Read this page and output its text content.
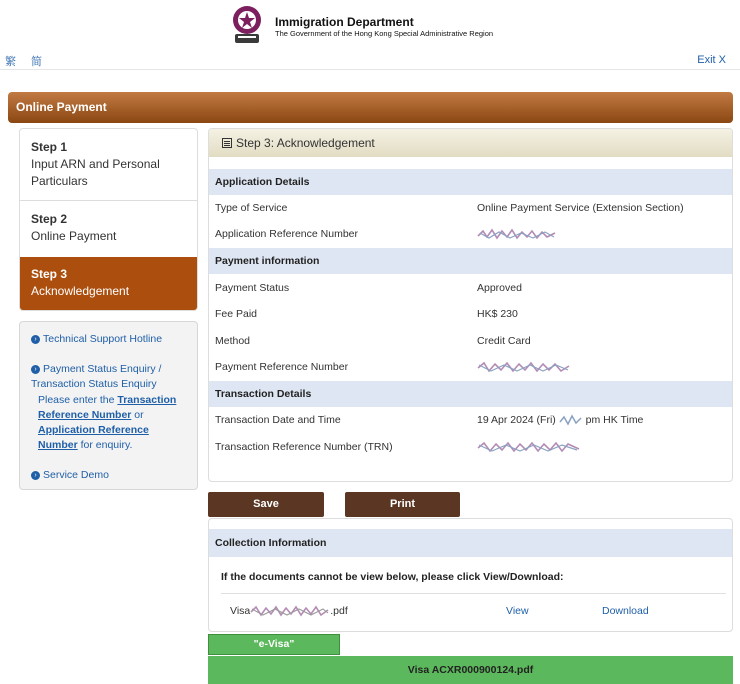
Immigration Department
The Government of the Hong Kong Special Administrative Region
繁 简	Exit X
Online Payment
Step 1
Input ARN and Personal Particulars
Step 2
Online Payment
Step 3
Acknowledgement
› Technical Support Hotline
› Payment Status Enquiry / Transaction Status Enquiry
Please enter the Transaction Reference Number or Application Reference Number for enquiry.
› Service Demo
Step 3: Acknowledgement
Application Details
Type of Service	Online Payment Service (Extension Section)
Application Reference Number
Payment information
Payment Status	Approved
Fee Paid	HK$ 230
Method	Credit Card
Payment Reference Number
Transaction Details
Transaction Date and Time	19 Apr 2024 (Fri)	pm HK Time
Transaction Reference Number (TRN)
Save	Print
Collection Information
If the documents cannot be view below, please click View/Download:
Visa	.pdf	View	Download
"e-Visa"
Visa ACXR000900124.pdf
